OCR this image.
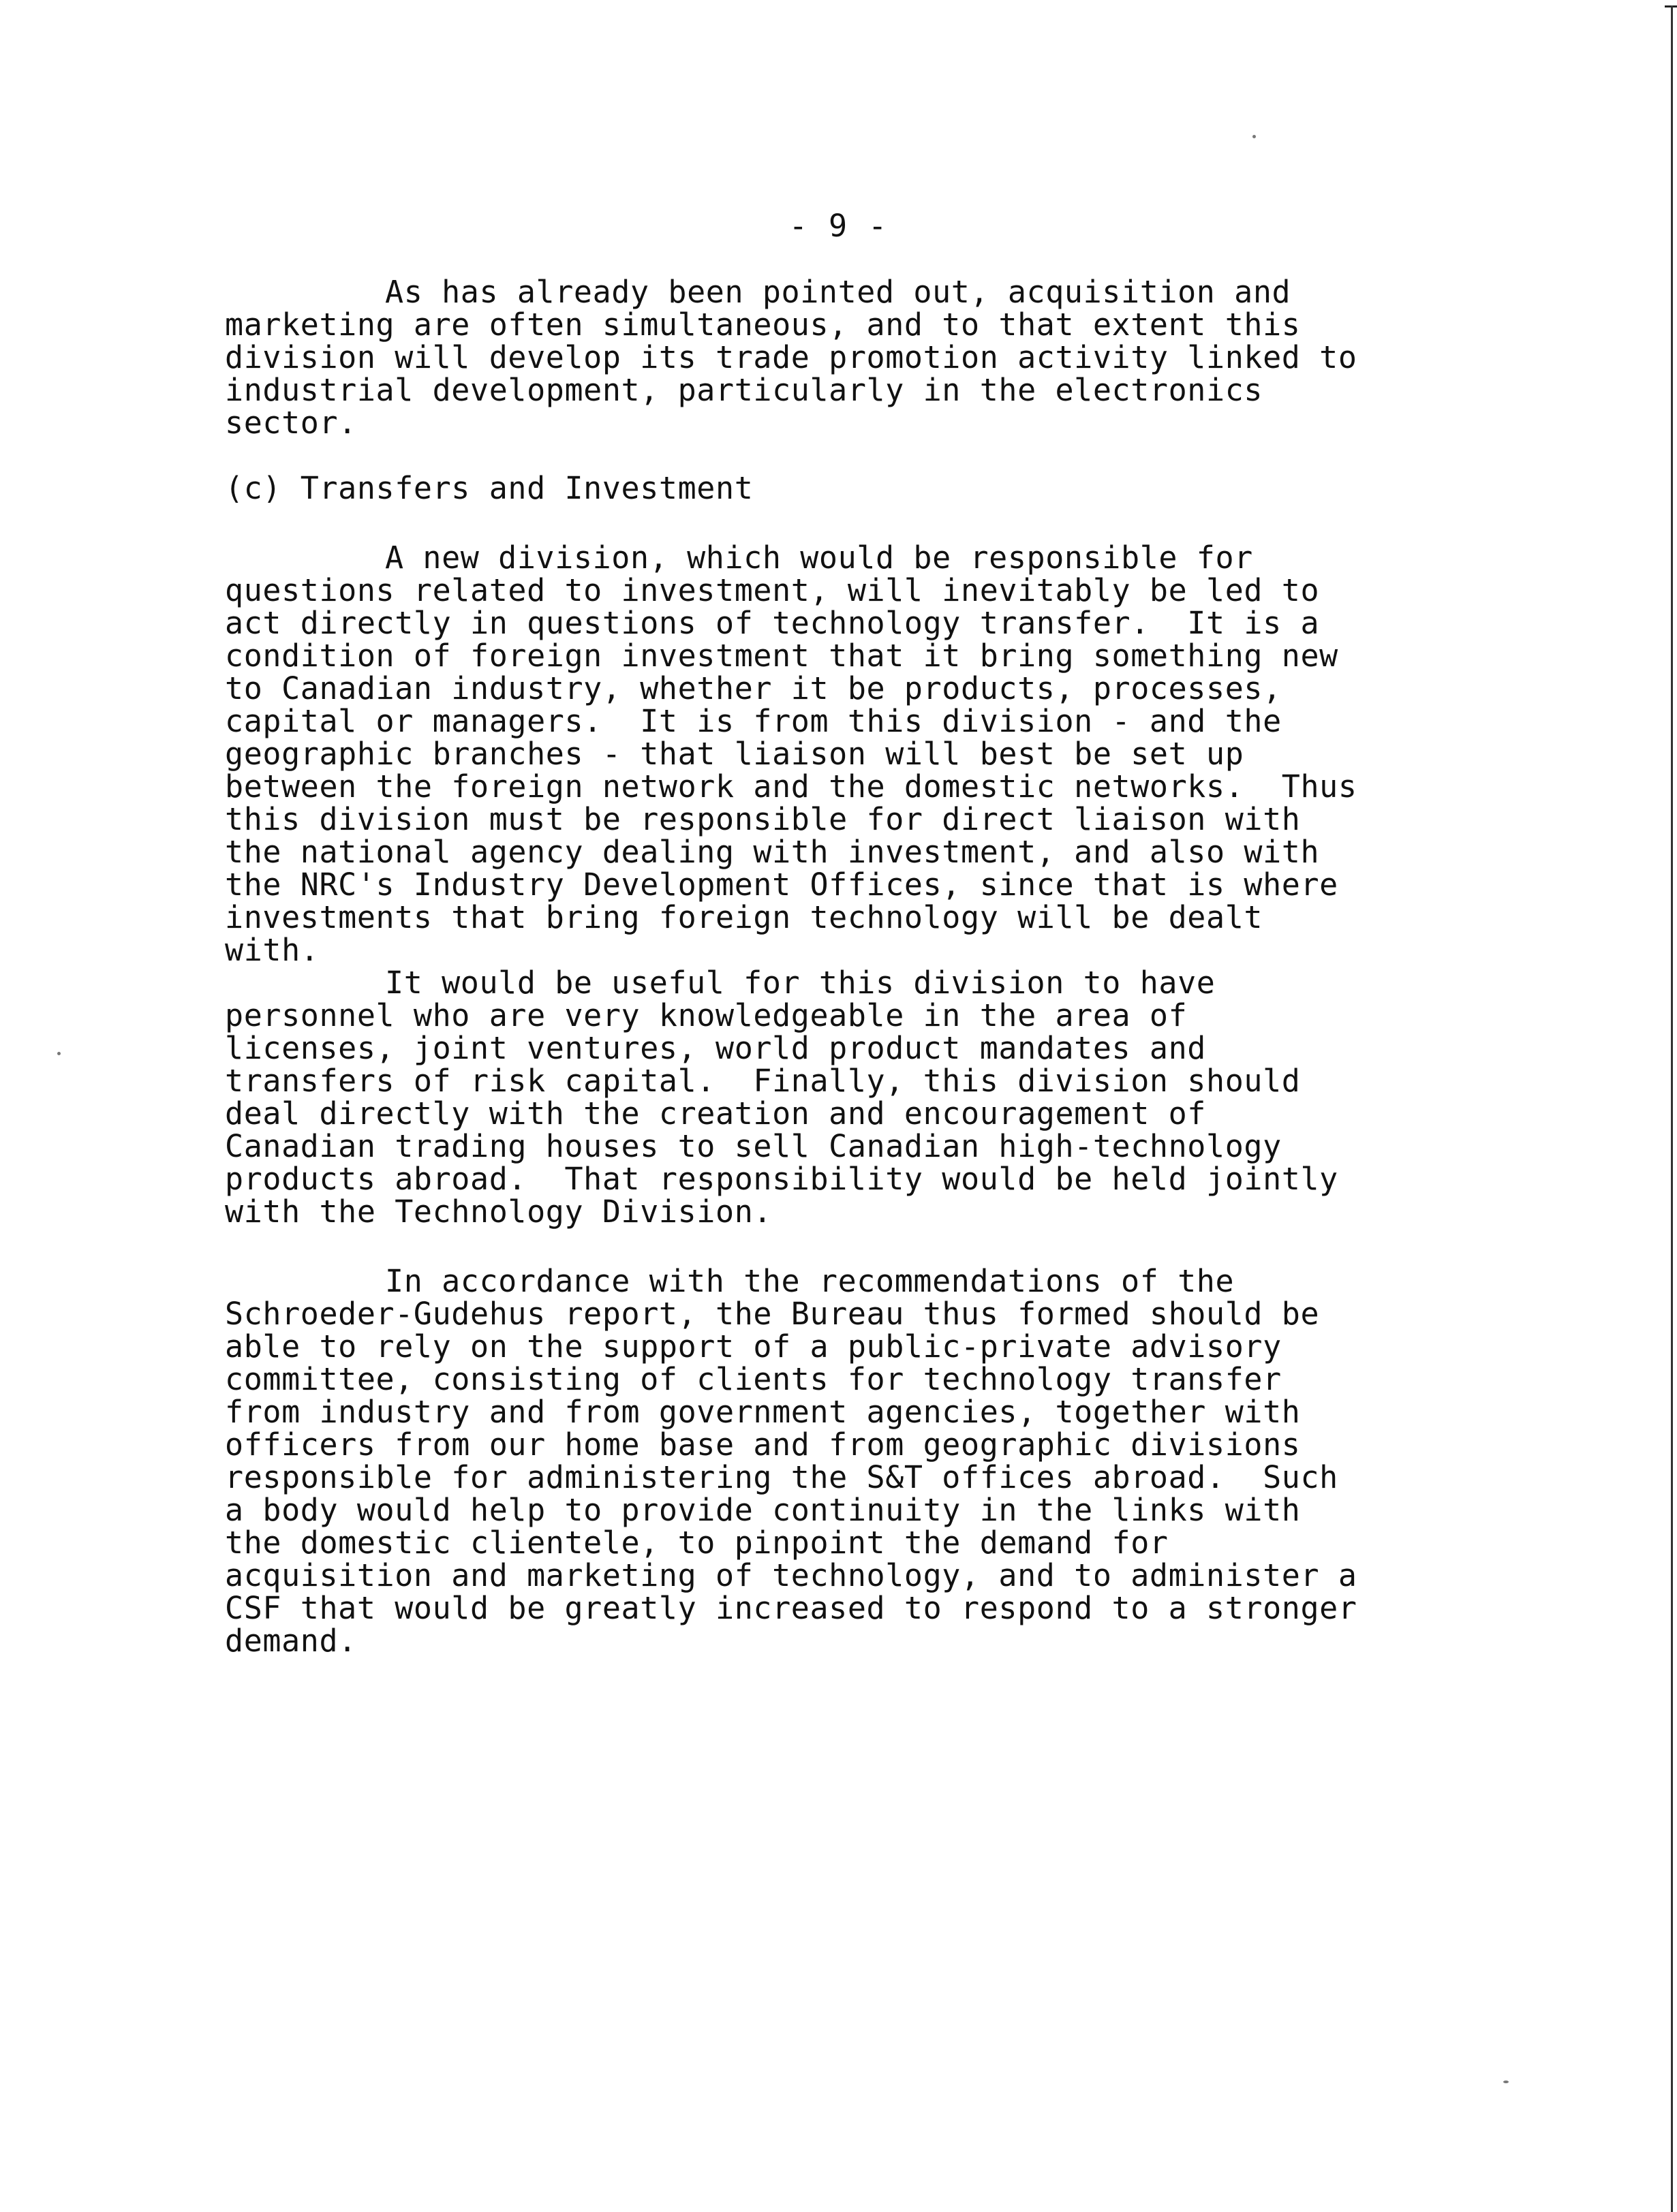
- 9 -

As has already been pointed out, acquisition and

marketing are often simultaneous, and to that extent this

division will develop its trade promotion activity linked to

industrial development, particularly in the electronics

sector.

(c) Transfers and Investment

A new division, which would be responsible for

questions related to investment, will inevitably be led to

act directly in questions of technology transfer.  It is a

condition of foreign investment that it bring something new

to Canadian industry, whether it be products, processes,

capital or managers.  It is from this division - and the

geographic branches - that liaison will best be set up

between the foreign network and the domestic networks.  Thus

this division must be responsible for direct liaison with

the national agency dealing with investment, and also with

the NRC's Industry Development Offices, since that is where

investments that bring foreign technology will be dealt

with.

It would be useful for this division to have

personnel who are very knowledgeable in the area of

licenses, joint ventures, world product mandates and

transfers of risk capital.  Finally, this division should

deal directly with the creation and encouragement of

Canadian trading houses to sell Canadian high-technology

products abroad.  That responsibility would be held jointly

with the Technology Division.

In accordance with the recommendations of the

Schroeder-Gudehus report, the Bureau thus formed should be

able to rely on the support of a public-private advisory

committee, consisting of clients for technology transfer

from industry and from government agencies, together with

officers from our home base and from geographic divisions

responsible for administering the S&T offices abroad.  Such

a body would help to provide continuity in the links with

the domestic clientele, to pinpoint the demand for

acquisition and marketing of technology, and to administer a

CSF that would be greatly increased to respond to a stronger

demand.
